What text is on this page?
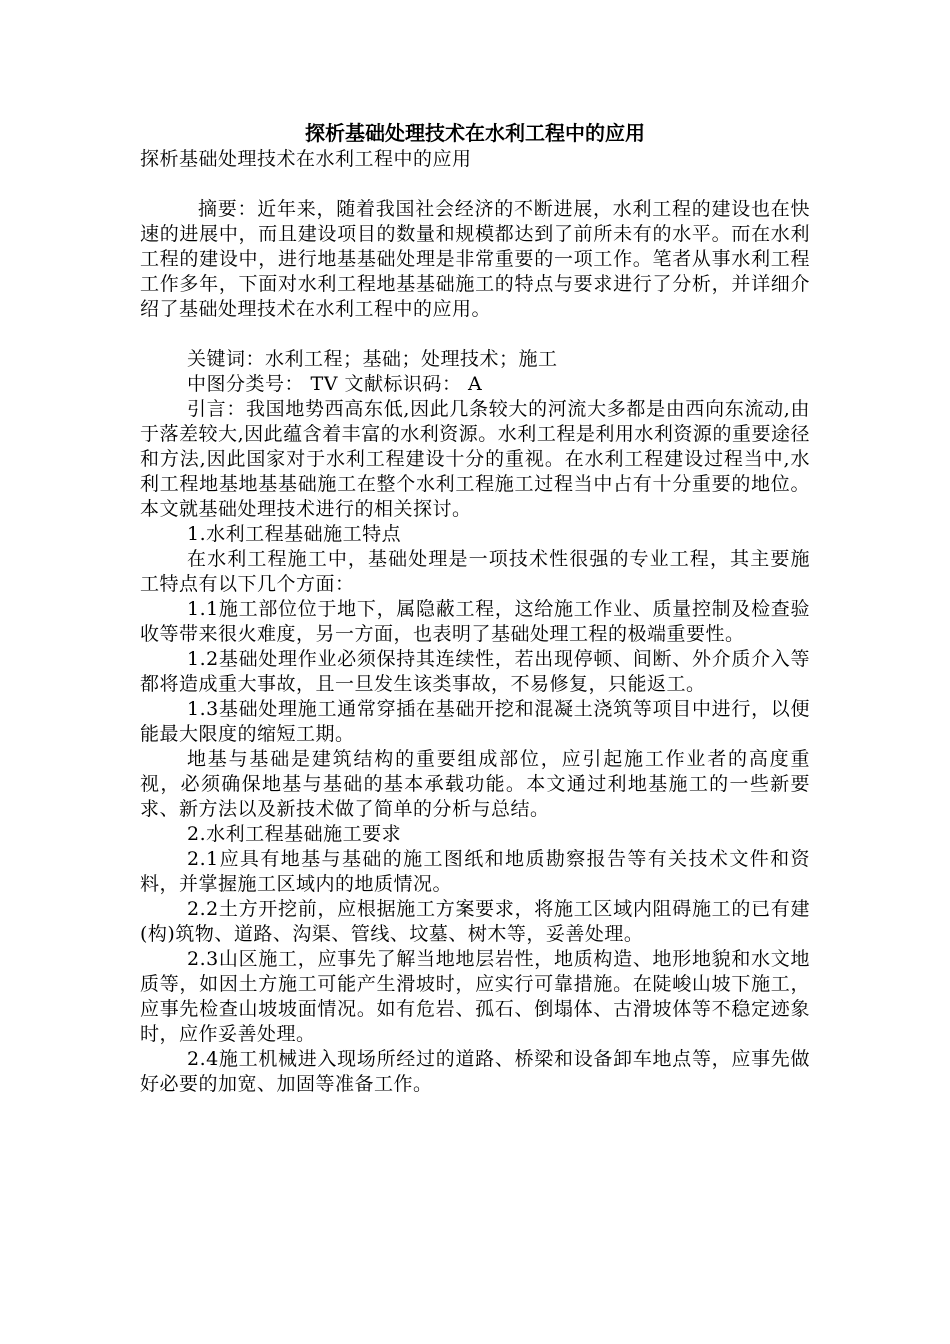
探析基础处理技术在水利工程中的应用

探析基础处理技术在水利工程中的应用

摘要：近年来，随着我国社会经济的不断进展，水利工程的建设也在快速的进展中，而且建设项目的数量和规模都达到了前所未有的水平。而在水利工程的建设中，进行地基基础处理是非常重要的一项工作。笔者从事水利工程工作多年，下面对水利工程地基基础施工的特点与要求进行了分析，并详细介绍了基础处理技术在水利工程中的应用。

关键词：水利工程；基础；处理技术；施工

中图分类号： TV 文献标识码： A

引言：我国地势西高东低,因此几条较大的河流大多都是由西向东流动,由于落差较大,因此蕴含着丰富的水利资源。水利工程是利用水利资源的重要途径和方法,因此国家对于水利工程建设十分的重视。在水利工程建设过程当中,水利工程地基地基基础施工在整个水利工程施工过程当中占有十分重要的地位。本文就基础处理技术进行的相关探讨。

1.水利工程基础施工特点

在水利工程施工中，基础处理是一项技术性很强的专业工程，其主要施工特点有以下几个方面：

1.1施工部位位于地下，属隐蔽工程，这给施工作业、质量控制及检查验收等带来很火难度，另一方面，也表明了基础处理工程的极端重要性。

1.2基础处理作业必须保持其连续性，若出现停顿、间断、外介质介入等都将造成重大事故，且一旦发生该类事故，不易修复，只能返工。

1.3基础处理施工通常穿插在基础开挖和混凝土浇筑等项目中进行，以便能最大限度的缩短工期。

地基与基础是建筑结构的重要组成部位，应引起施工作业者的高度重视，必须确保地基与基础的基本承载功能。本文通过利地基施工的一些新要求、新方法以及新技术做了简单的分析与总结。

2.水利工程基础施工要求

2.1应具有地基与基础的施工图纸和地质勘察报告等有关技术文件和资料，并掌握施工区域内的地质情况。

2.2土方开挖前，应根据施工方案要求，将施工区域内阻碍施工的已有建(构)筑物、道路、沟渠、管线、坟墓、树木等，妥善处理。

2.3山区施工，应事先了解当地地层岩性，地质构造、地形地貌和水文地质等，如因土方施工可能产生滑坡时，应实行可靠措施。在陡峻山坡下施工，应事先检查山坡坡面情况。如有危岩、孤石、倒塌体、古滑坡体等不稳定迹象时，应作妥善处理。

2.4施工机械进入现场所经过的道路、桥梁和设备卸车地点等，应事先做好必要的加宽、加固等准备工作。
